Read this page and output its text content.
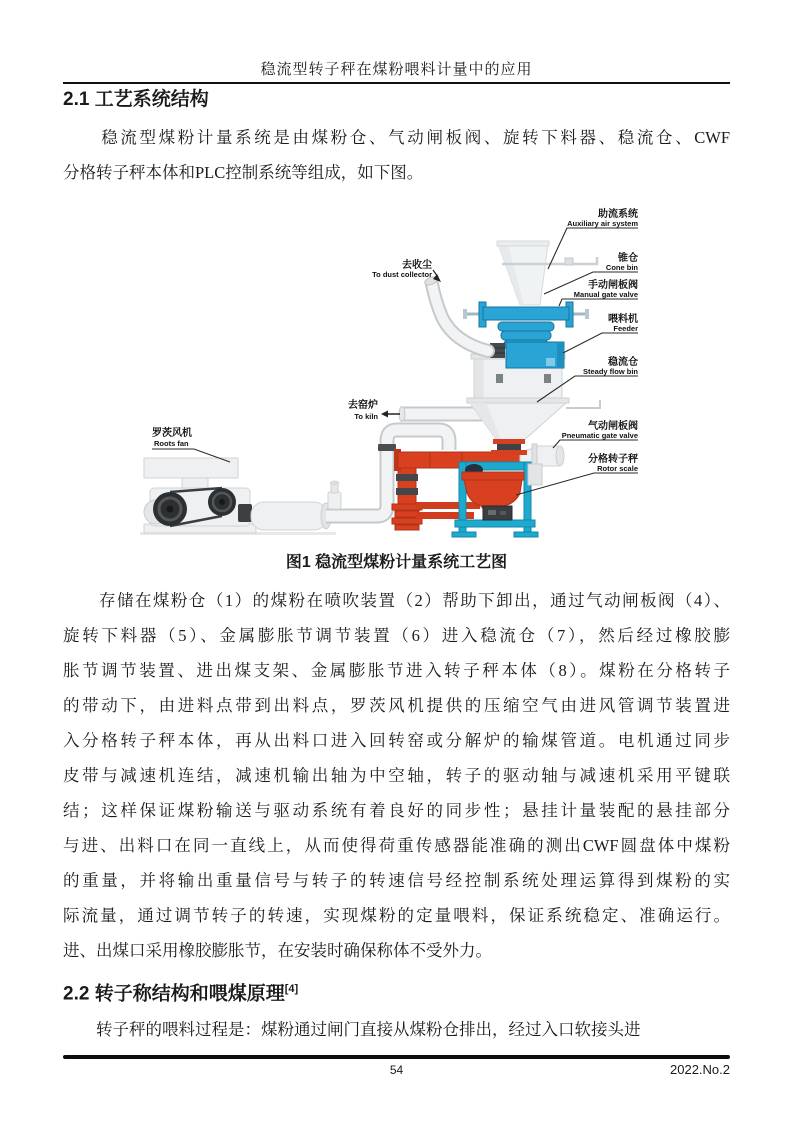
稳流型转子秤在煤粉喂料计量中的应用
2.1 工艺系统结构
　　稳流型煤粉计量系统是由煤粉仓、气动闸板阀、旋转下料器、稳流仓、CWF
分格转子秤本体和PLC控制系统等组成，如下图。
助流系统
Auxiliary air system
锥仓
Cone bin
手动闸板阀
Manual gate valve
喂料机
Feeder
稳流仓
Steady flow bin
气动闸板阀
Pneumatic gate valve
分格转子秤
Rotor scale
去收尘
To dust collector
去窑炉
To kiln
罗茨风机
Roots fan
图1 稳流型煤粉计量系统工艺图
　　存储在煤粉仓（1）的煤粉在喷吹装置（2）帮助下卸出，通过气动闸板阀（4）、
旋转下料器（5）、金属膨胀节调节装置（6）进入稳流仓（7），然后经过橡胶膨
胀节调节装置、进出煤支架、金属膨胀节进入转子秤本体（8）。煤粉在分格转子
的带动下，由进料点带到出料点，罗茨风机提供的压缩空气由进风管调节装置进
入分格转子秤本体，再从出料口进入回转窑或分解炉的输煤管道。电机通过同步
皮带与减速机连结，减速机输出轴为中空轴，转子的驱动轴与减速机采用平键联
结；这样保证煤粉输送与驱动系统有着良好的同步性；悬挂计量装配的悬挂部分
与进、出料口在同一直线上，从而使得荷重传感器能准确的测出CWF圆盘体中煤粉
的重量，并将输出重量信号与转子的转速信号经控制系统处理运算得到煤粉的实
际流量，通过调节转子的转速，实现煤粉的定量喂料，保证系统稳定、准确运行。
进、出煤口采用橡胶膨胀节，在安装时确保称体不受外力。
2.2 转子称结构和喂煤原理[4]
　　转子秤的喂料过程是：煤粉通过闸门直接从煤粉仓排出，经过入口软接头进
54	2022.No.2
